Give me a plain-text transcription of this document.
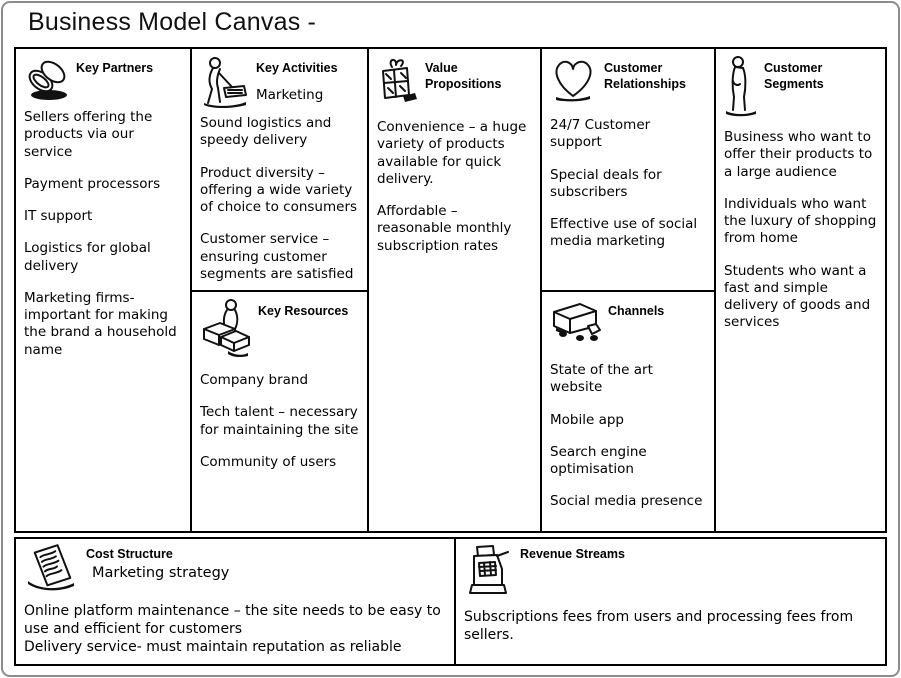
Business Model Canvas -
Key Partners

Sellers offering the products via our service

Payment processors

IT support

Logistics for global delivery

Marketing firms- important for making the brand a household name

Key Activities
Marketing

Sound logistics and speedy delivery

Product diversity – offering a wide variety of choice to consumers

Customer service – ensuring customer segments are satisfied

Key Resources

Company brand

Tech talent – necessary for maintaining the site

Community of users

Value Propositions

Convenience – a huge variety of products available for quick delivery.

Affordable – reasonable monthly subscription rates

Customer Relationships

24/7 Customer support

Special deals for subscribers

Effective use of social media marketing

Channels

State of the art website

Mobile app

Search engine optimisation

Social media presence

Customer Segments

Business who want to offer their products to a large audience

Individuals who want the luxury of shopping from home

Students who want a fast and simple delivery of goods and services

Cost Structure
Marketing strategy

Online platform maintenance – the site needs to be easy to use and efficient for customers

Delivery service- must maintain reputation as reliable

Revenue Streams

Subscriptions fees from users and processing fees from sellers.
